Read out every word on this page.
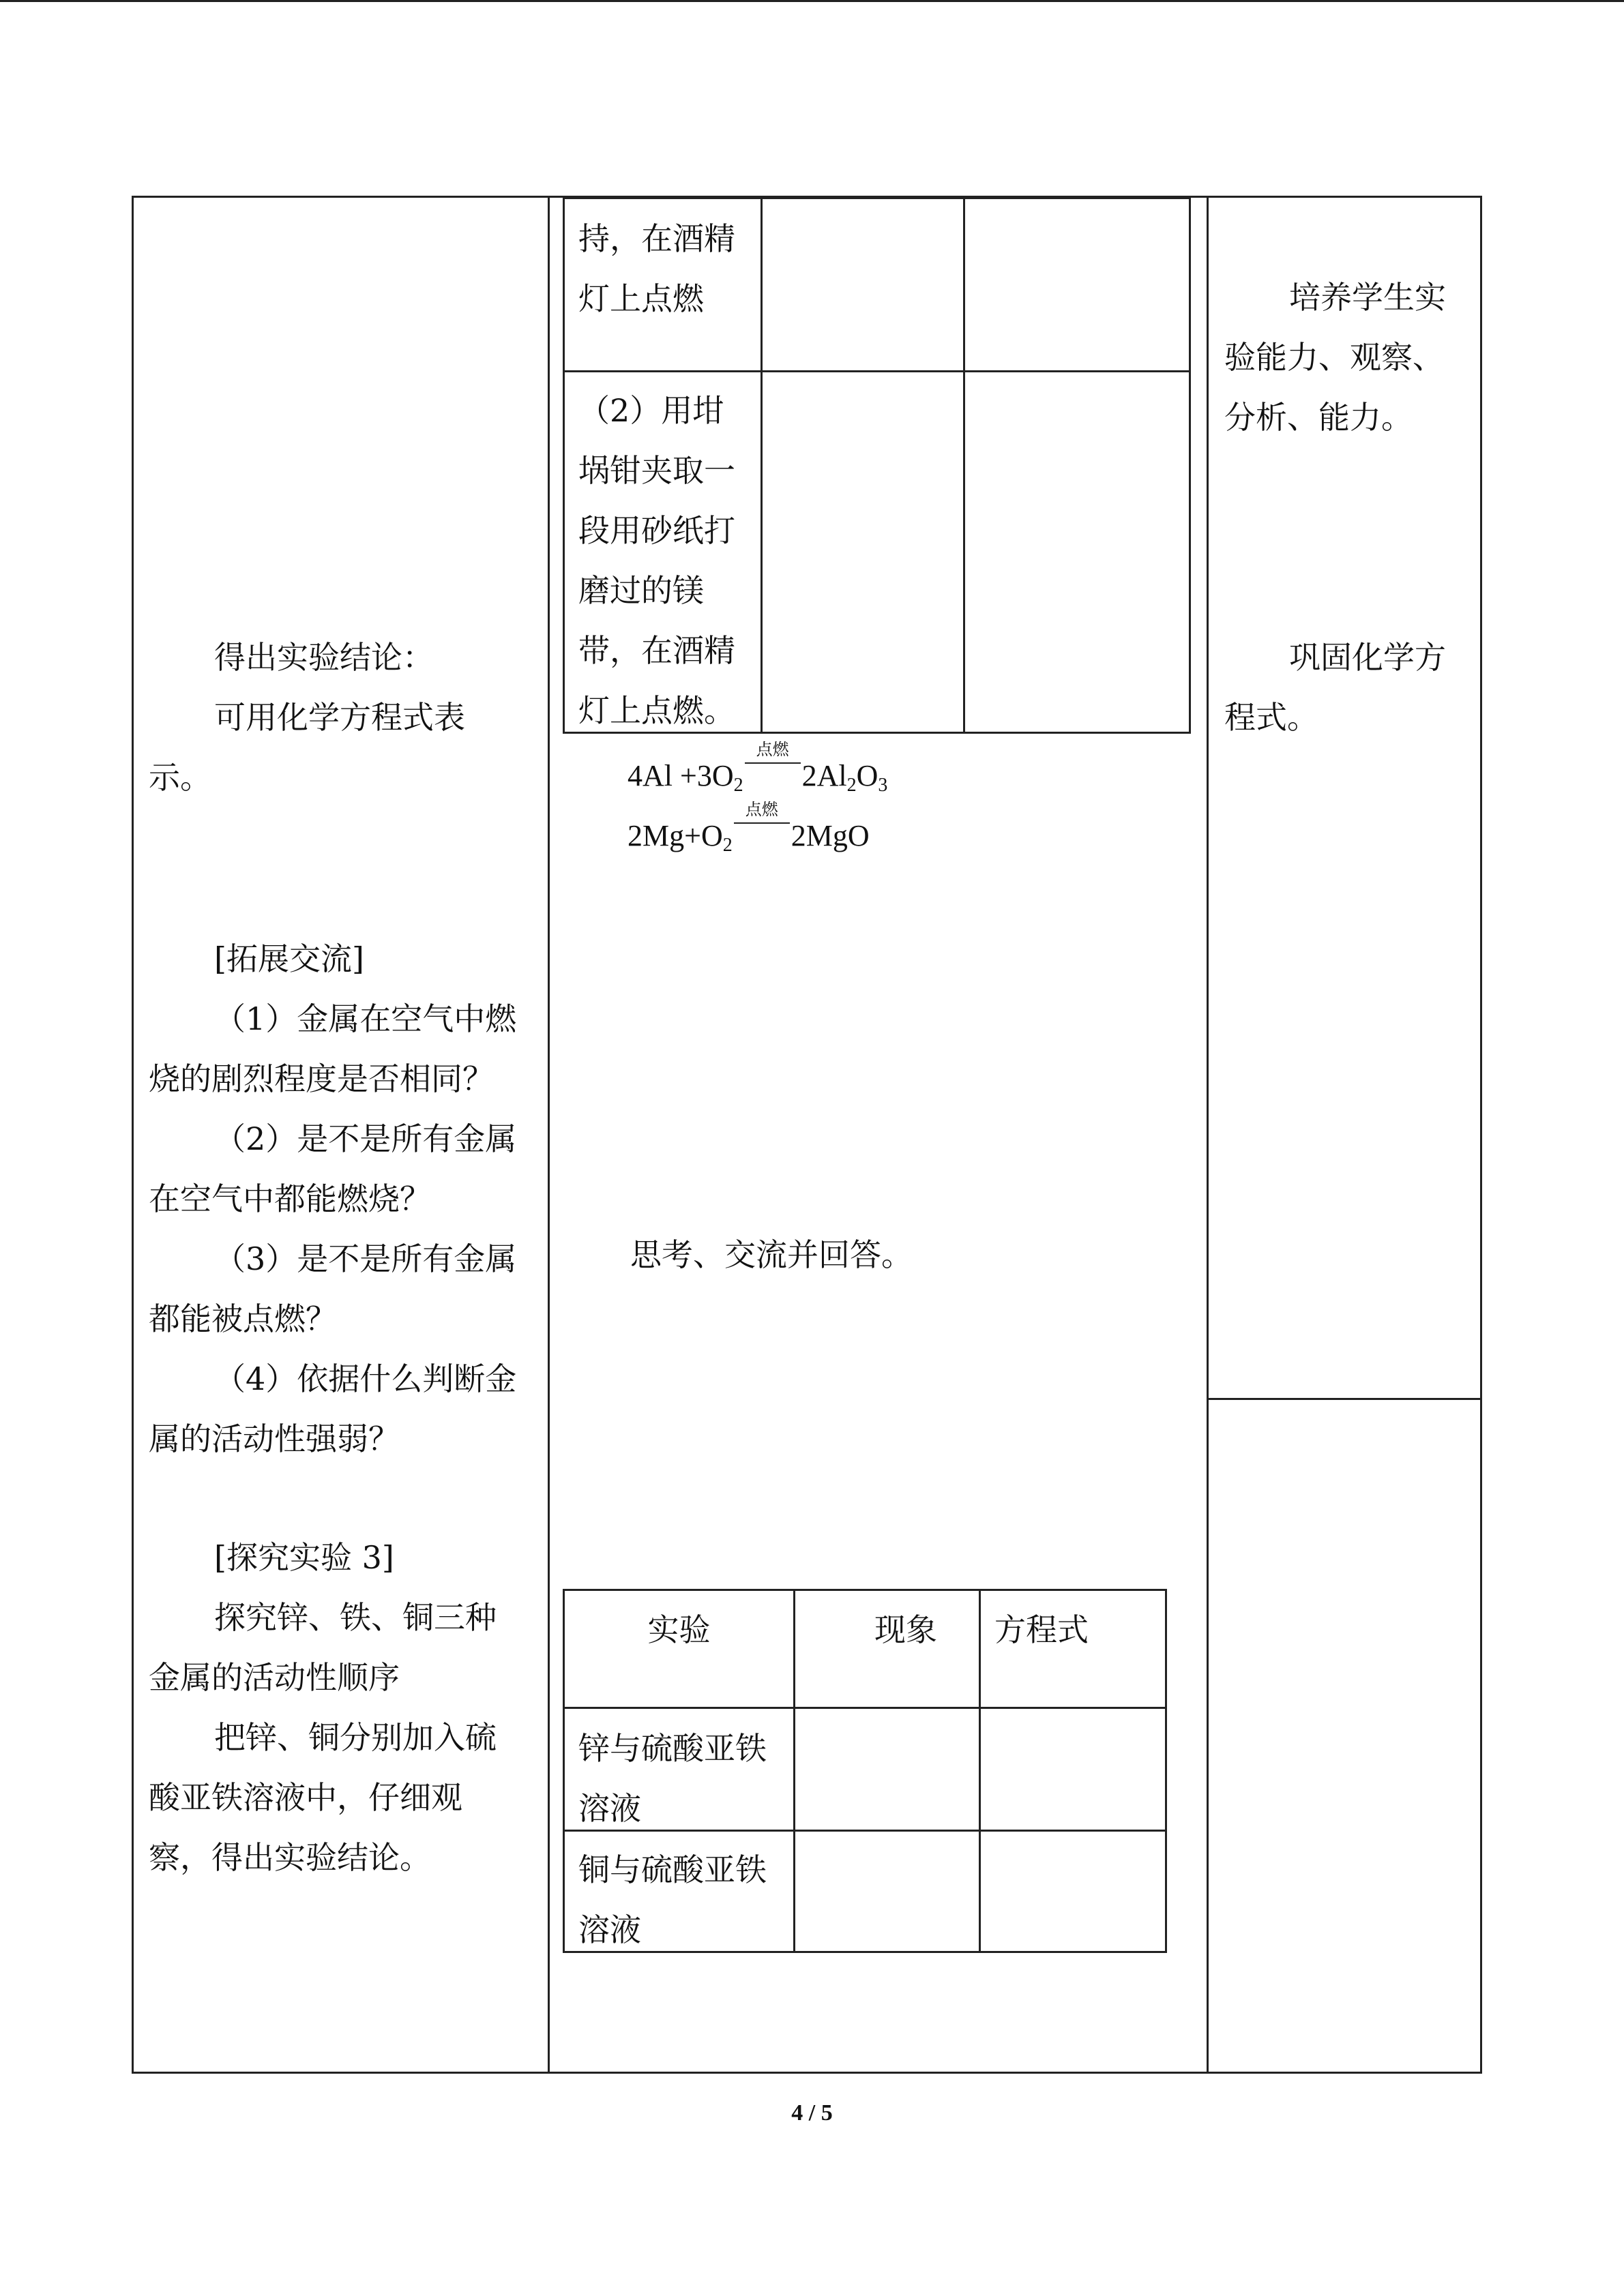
得出实验结论：
可用化学方程式表
示。
[拓展交流]
（1）金属在空气中燃
烧的剧烈程度是否相同？
（2）是不是所有金属
在空气中都能燃烧？
（3）是不是所有金属
都能被点燃？
（4）依据什么判断金
属的活动性强弱？
[探究实验 3]
探究锌、铁、铜三种
金属的活动性顺序
把锌、铜分别加入硫
酸亚铁溶液中，仔细观
察，得出实验结论。
持，在酒精
灯上点燃
（2）用坩
埚钳夹取一
段用砂纸打
磨过的镁
带，在酒精
灯上点燃。
$4Al +3O_2$
点燃
$2Al_2O_3$
$2Mg+O_2$
点燃
2MgO
思考、交流并回答。
实验	现象 方程式
锌与硫酸亚铁
溶液
铜与硫酸亚铁
溶液
培养学生实
验能力、观察、
分析、能力。
巩固化学方
程式。
4 / 5
